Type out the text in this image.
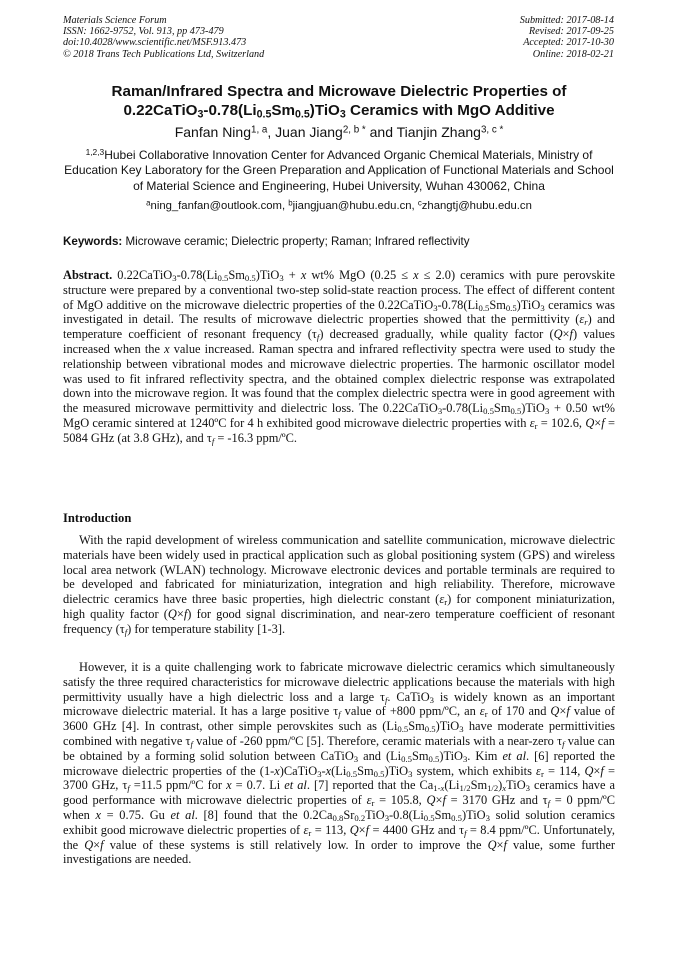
Materials Science Forum
ISSN: 1662-9752, Vol. 913, pp 473-479
doi:10.4028/www.scientific.net/MSF.913.473
© 2018 Trans Tech Publications Ltd, Switzerland
Submitted: 2017-08-14
Revised: 2017-09-25
Accepted: 2017-10-30
Online: 2018-02-21
Raman/Infrared Spectra and Microwave Dielectric Properties of
$0.22CaTiO_3-0.78(Li_{0.5}Sm_{0.5})TiO_3$ Ceramics with MgO Additive
Fanfan Ning$^{1, a}$, Juan Jiang$^{2, b *}$ and Tianjin Zhang$^{3, c *}$
$^{1,2,3}$Hubei Collaborative Innovation Center for Advanced Organic Chemical Materials, Ministry of Education Key Laboratory for the Green Preparation and Application of Functional Materials and School of Material Science and Engineering, Hubei University, Wuhan 430062, China
$^a$ning_fanfan@outlook.com, $^b$jiangjuan@hubu.edu.cn, $^c$zhangtj@hubu.edu.cn
Keywords: Microwave ceramic; Dielectric property; Raman; Infrared reflectivity

Abstract. $0.22CaTiO_3-0.78(Li_{0.5}Sm_{0.5})TiO_3 + x$ wt% MgO (0.25 ≤ x ≤ 2.0) ceramics with pure perovskite structure were prepared by a conventional two-step solid-state reaction process. The effect of different content of MgO additive on the microwave dielectric properties of the $0.22CaTiO_3-0.78(Li_{0.5}Sm_{0.5})TiO_3$ ceramics was investigated in detail. The results of microwave dielectric properties showed that the permittivity $(\varepsilon_r)$ and temperature coefficient of resonant frequency $(\tau_f)$ decreased gradually, while quality factor (Q×f) values increased when the x value increased. Raman spectra and infrared reflectivity spectra were used to study the relationship between vibrational modes and microwave dielectric properties. The harmonic oscillator model was used to fit infrared reflectivity spectra, and the obtained complex dielectric response was extrapolated down into the microwave region. It was found that the complex dielectric spectra were in good agreement with the measured microwave permittivity and dielectric loss. The $0.22CaTiO_3-0.78(Li_{0.5}Sm_{0.5})TiO_3 + 0.50$ wt% MgO ceramic sintered at 1240ºC for 4 h exhibited good microwave dielectric properties with $\varepsilon_r = 102.6$, Q×f = 5084 GHz (at 3.8 GHz), and $\tau_f = -16.3$ ppm/ºC.

Introduction

With the rapid development of wireless communication and satellite communication, microwave dielectric materials have been widely used in practical application such as global positioning system (GPS) and wireless local area network (WLAN) technology. Microwave electronic devices and portable terminals are required to be developed and fabricated for miniaturization, integration and high reliability. Therefore, microwave dielectric ceramics have three basic properties, high dielectric constant $(\varepsilon_r)$ for component miniaturization, high quality factor (Q×f) for good signal discrimination, and near-zero temperature coefficient of resonant frequency $(\tau_f)$ for temperature stability [1-3].

However, it is a quite challenging work to fabricate microwave dielectric ceramics which simultaneously satisfy the three required characteristics for microwave dielectric applications because the materials with high permittivity usually have a high dielectric loss and a large $\tau_f$. CaTiO$_3$ is widely known as an important microwave dielectric material. It has a large positive $\tau_f$ value of +800 ppm/ºC, an $\varepsilon_r$ of 170 and Q×f value of 3600 GHz [4]. In contrast, other simple perovskites such as $(Li_{0.5}Sm_{0.5})TiO_3$ have moderate permittivities combined with negative $\tau_f$ value of -260 ppm/ºC [5]. Therefore, ceramic materials with a near-zero $\tau_f$ value can be obtained by a forming solid solution between CaTiO$_3$ and $(Li_{0.5}Sm_{0.5})TiO_3$. Kim et al. [6] reported the microwave dielectric properties of the $(1-x)CaTiO_3-x(Li_{0.5}Sm_{0.5})TiO_3$ system, which exhibits $\varepsilon_r = 114$, Q×f = 3700 GHz, $\tau_f =11.5$ ppm/ºC for x = 0.7. Li et al. [7] reported that the $Ca_{1-x}(Li_{1/2}Sm_{1/2})_xTiO_3$ ceramics have a good performance with microwave dielectric properties of $\varepsilon_r = 105.8$, Q×f = 3170 GHz and $\tau_f = 0$ ppm/ºC when x = 0.75. Gu et al. [8] found that the $0.2Ca_{0.8}Sr_{0.2}TiO_3-0.8(Li_{0.5}Sm_{0.5})TiO_3$ solid solution ceramics exhibit good microwave dielectric properties of $\varepsilon_r = 113$, Q×f = 4400 GHz and $\tau_f = 8.4$ ppm/ºC. Unfortunately, the Q×f value of these systems is still relatively low. In order to improve the Q×f value, some further investigations are needed.
